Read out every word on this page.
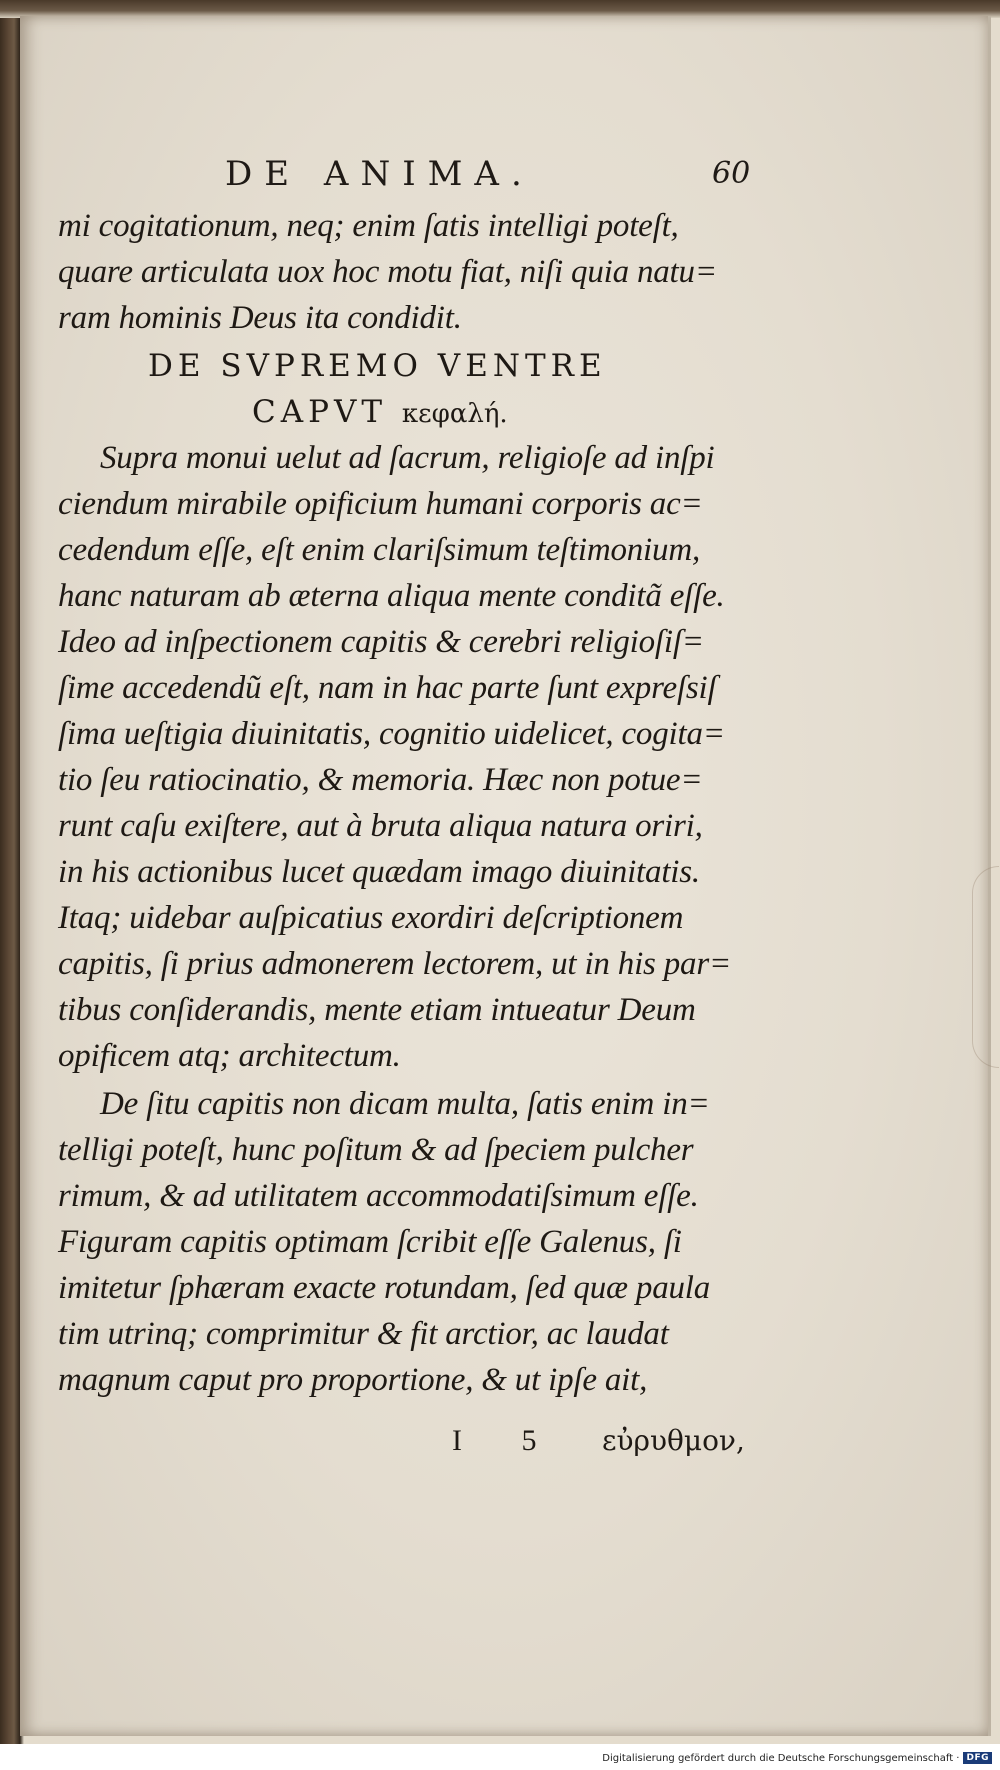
DE ANIMA.	60
mi cogitationum, neq; enim ſatis intelligi poteſt,
quare articulata uox hoc motu fiat, niſi quia natu=
ram hominis Deus ita condidit.
DE SVPREMO VENTRE
CAPVT κεφαλή.
Supra monui uelut ad ſacrum, religioſe ad inſpi
ciendum mirabile opificium humani corporis ac=
cedendum eſſe, eſt enim clariſsimum teſtimonium,
hanc naturam ab æterna aliqua mente conditã eſſe.
Ideo ad inſpectionem capitis & cerebri religioſiſ=
ſime accedendũ eſt, nam in hac parte ſunt expreſsiſ
ſima ueſtigia diuinitatis, cognitio uidelicet, cogita=
tio ſeu ratiocinatio, & memoria. Hæc non potue=
runt caſu exiſtere, aut à bruta aliqua natura oriri,
in his actionibus lucet quædam imago diuinitatis.
Itaq; uidebar auſpicatius exordiri deſcriptionem
capitis, ſi prius admonerem lectorem, ut in his par=
tibus conſiderandis, mente etiam intueatur Deum
opificem atq; architectum.
De ſitu capitis non dicam multa, ſatis enim in=
telligi poteſt, hunc poſitum & ad ſpeciem pulcher
rimum, & ad utilitatem accommodatiſsimum eſſe.
Figuram capitis optimam ſcribit eſſe Galenus, ſi
imitetur ſphæram exacte rotundam, ſed quæ paula
tim utrinq; comprimitur & fit arctior, ac laudat
magnum caput pro proportione, & ut ipſe ait,
I 5 εὐρυθμον,
Digitalisierung gefördert durch die Deutsche Forschungsgemeinschaft · DFG
